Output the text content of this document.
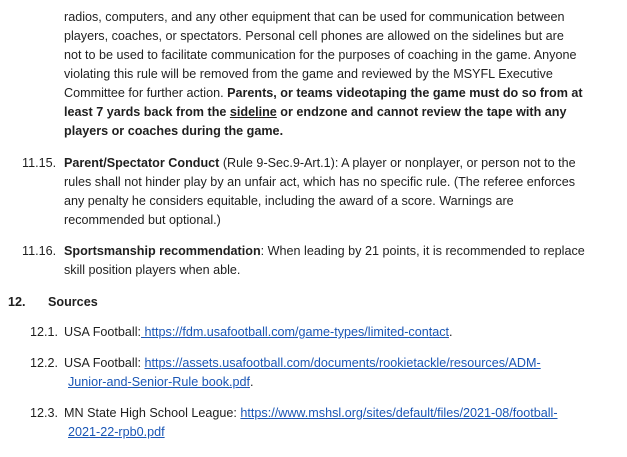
radios, computers, and any other equipment that can be used for communication between
players, coaches, or spectators. Personal cell phones are allowed on the sidelines but are
not to be used to facilitate communication for the purposes of coaching in the game. Anyone
violating this rule will be removed from the game and reviewed by the MSYFL Executive
Committee for further action. Parents, or teams videotaping the game must do so from at
least 7 yards back from the sideline or endzone and cannot review the tape with any
players or coaches during the game.
11.15. Parent/Spectator Conduct (Rule 9-Sec.9-Art.1): A player or nonplayer, or person not to the
rules shall not hinder play by an unfair act, which has no specific rule. (The referee enforces
any penalty he considers equitable, including the award of a score. Warnings are
recommended but optional.)
11.16. Sportsmanship recommendation: When leading by 21 points, it is recommended to replace
skill position players when able.
12. Sources
12.1. USA Football: https://fdm.usafootball.com/game-types/limited-contact.
12.2. USA Football: https://assets.usafootball.com/documents/rookietackle/resources/ADM-
Junior-and-Senior-Rule book.pdf.
12.3. MN State High School League: https://www.mshsl.org/sites/default/files/2021-08/football-
2021-22-rpb0.pdf
